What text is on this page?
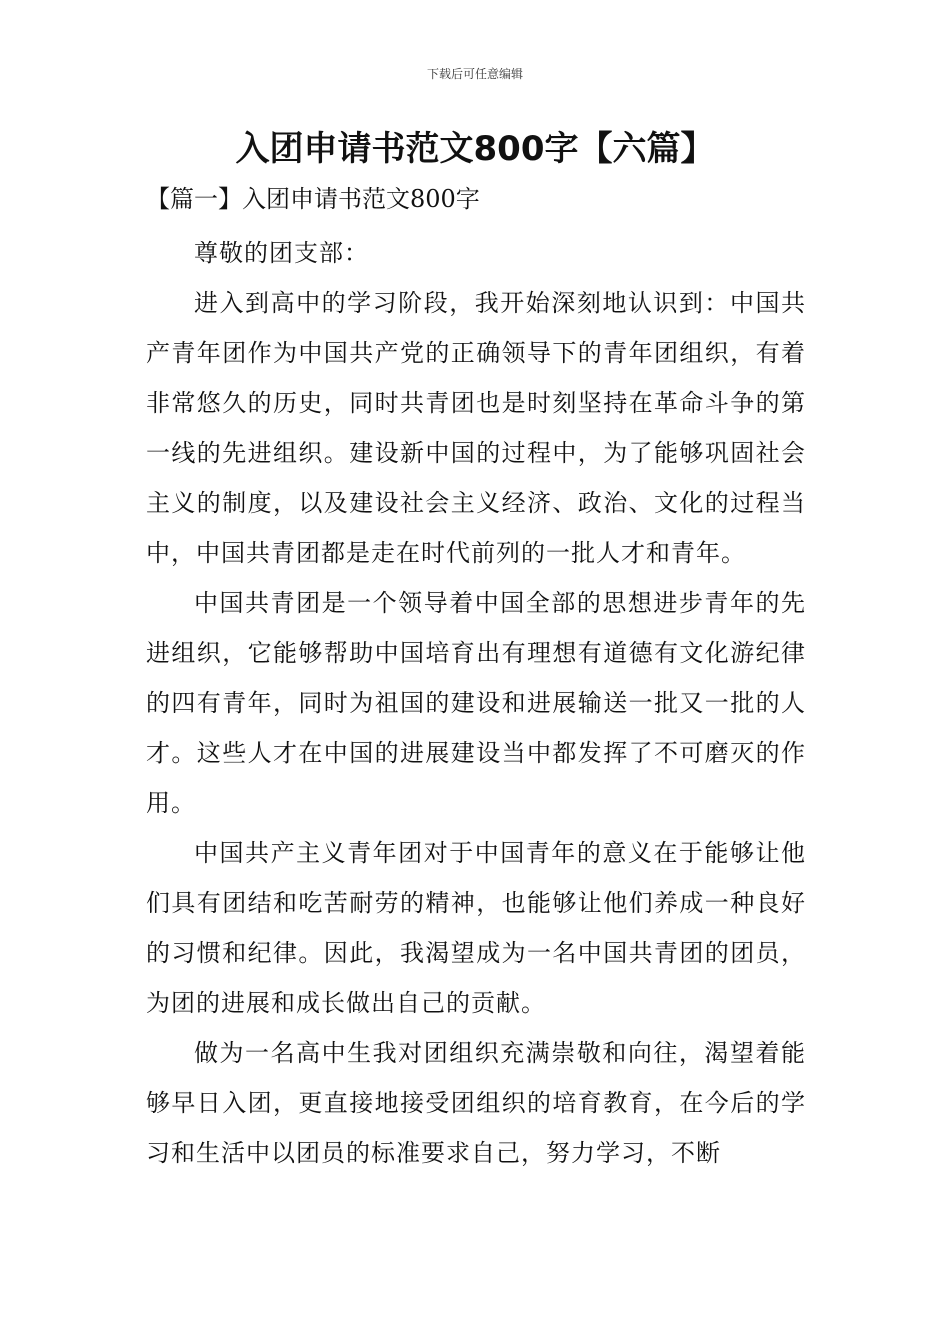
下载后可任意编辑
入团申请书范文800字【六篇】
【篇一】入团申请书范文800字

尊敬的团支部：

进入到高中的学习阶段，我开始深刻地认识到：中国共产青年团作为中国共产党的正确领导下的青年团组织，有着非常悠久的历史，同时共青团也是时刻坚持在革命斗争的第一线的先进组织。建设新中国的过程中，为了能够巩固社会主义的制度，以及建设社会主义经济、政治、文化的过程当中，中国共青团都是走在时代前列的一批人才和青年。

中国共青团是一个领导着中国全部的思想进步青年的先进组织，它能够帮助中国培育出有理想有道德有文化游纪律的四有青年，同时为祖国的建设和进展输送一批又一批的人才。这些人才在中国的进展建设当中都发挥了不可磨灭的作用。

中国共产主义青年团对于中国青年的意义在于能够让他们具有团结和吃苦耐劳的精神，也能够让他们养成一种良好的习惯和纪律。因此，我渴望成为一名中国共青团的团员，为团的进展和成长做出自己的贡献。

做为一名高中生我对团组织充满崇敬和向往，渴望着能够早日入团，更直接地接受团组织的培育教育，在今后的学习和生活中以团员的标准要求自己，努力学习，不断
